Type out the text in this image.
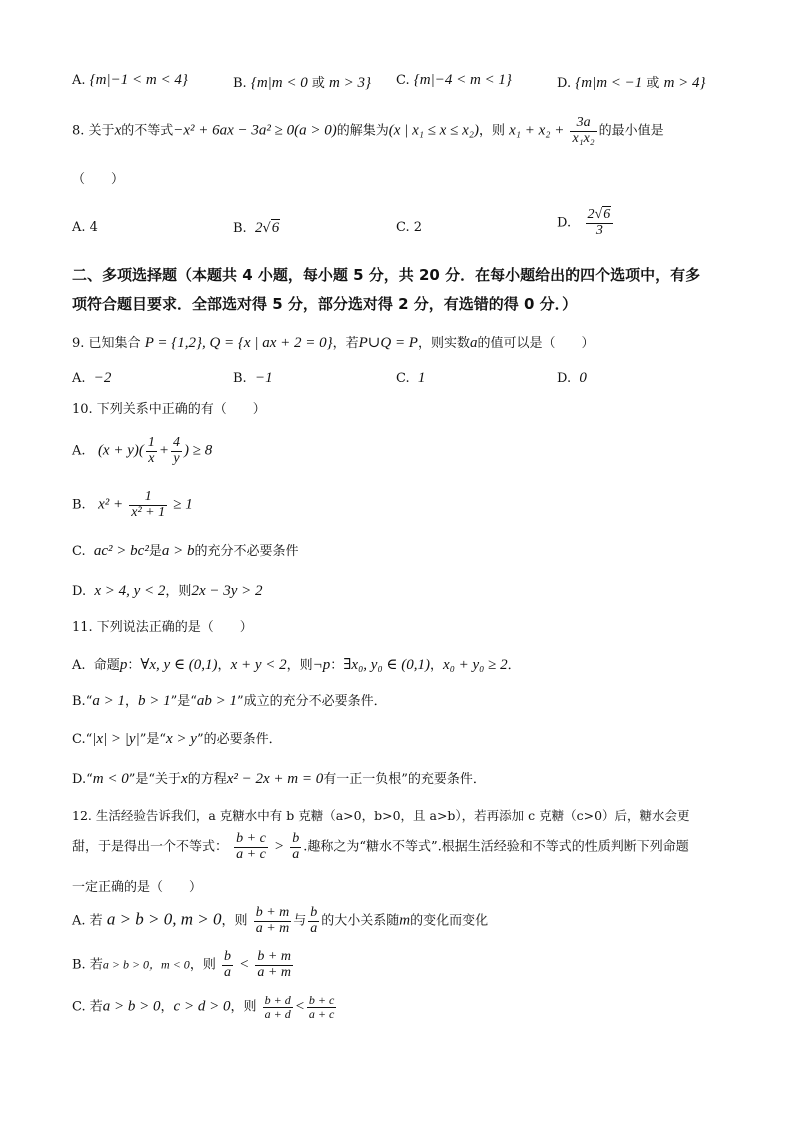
A. {m|−1 < m < 4}	B. {m|m < 0 或 m > 3} C. {m|−4 < m < 1}	D. {m|m < −1 或 m > 4}
8. 关于x的不等式−x² + 6ax − 3a² ≥ 0(a > 0)的解集为(x | x₁ ≤ x ≤ x₂)，则 $x_1 + x_2 + \frac{3a}{\text{x₁x₂}}$ 的最小值是
（　　）
A. 4	B. 2√6	C. 2	D. $\frac{2√6}{3}$
二、多项选择题（本题共 4 小题，每小题 5 分，共 20 分．在每小题给出的四个选项中，有多
项符合题目要求．全部选对得 5 分，部分选对得 2 分，有选错的得 0 分．）
9. 已知集合 P = {1,2}, Q = {x | ax + 2 = 0}，若P∪Q = P，则实数a的值可以是（　　）
A. −2	B. −1	C. 1	D. 0
10. 下列关系中正确的有（　　）
A. $(x + y)( \frac{1}{x} + \frac{4}{y}$ ) ≥ 8
B. $x^2 + \frac{1}{\text{x² + 1}} \ge 1$
C. ac² > bc²是a > b的充分不必要条件
D. x > 4, y < 2，则2x − 3y > 2
11. 下列说法正确的是（　　）
A. 命题p：∀x, y ∈ (0,1)，x + y < 2，则¬p：∃x₀, y₀ ∈ (0,1)，x₀ + y₀ ≥ 2．
B.“a > 1，b > 1”是“ab > 1”成立的充分不必要条件．
C.“|x| > |y|”是“x > y”的必要条件．
D.“m < 0”是“关于x的方程x² − 2x + m = 0有一正一负根”的充要条件．
12. 生活经验告诉我们，a 克糖水中有 b 克糖（a>0，b>0，且 a>b），若再添加 c 克糖（c>0）后，糖水会更
甜，于是得出一个不等式： $\frac{b + c}{a + c} > \frac{b}{a}$ .趣称之为“糖水不等式”.根据生活经验和不等式的性质判断下列命题
一定正确的是（　　）
A. 若 a > b > 0, m > 0，则 $\frac{b + m}{a + m}$ 与 $\frac{b}{a}$ 的大小关系随m的变化而变化
B. 若a > b > 0，m < 0，则 $\frac{b}{a} < \frac{b + m}{a + m}$
C. 若a > b > 0，c > d > 0，则 $\frac{b + d}{a + d} < \frac{b + c}{a + c}$
